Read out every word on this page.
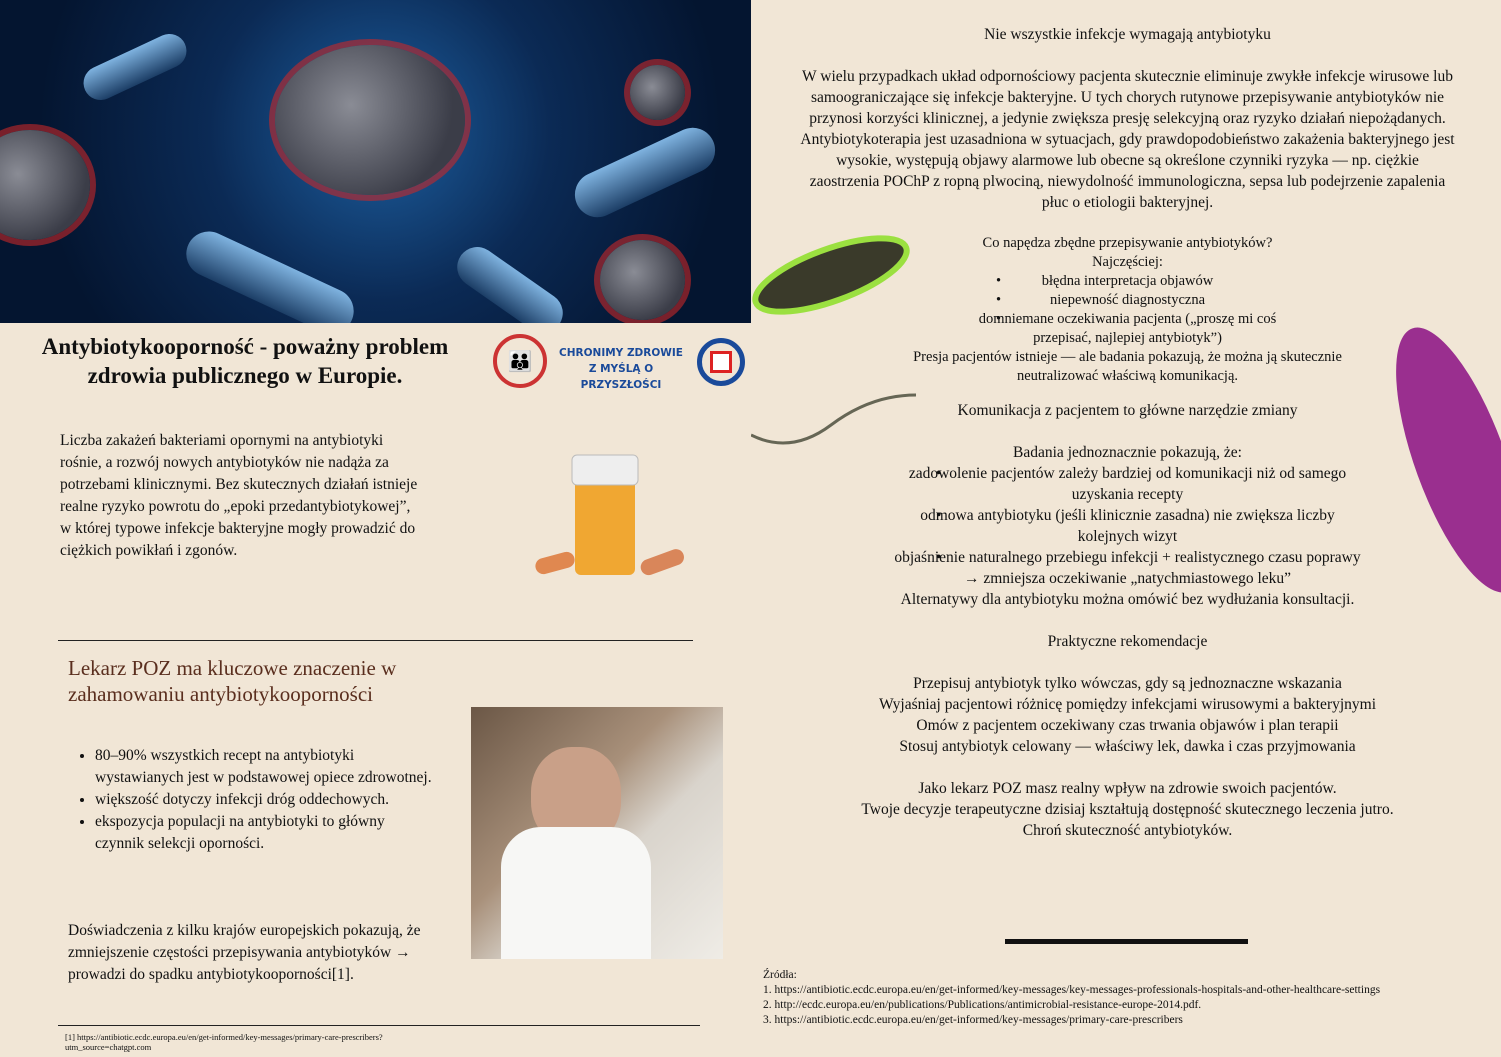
Antybiotykooporność - poważny problem zdrowia publicznego w Europie.
👪	CHRONIMY ZDROWIE
Z MYŚLĄ O PRZYSZŁOŚCI
Liczba zakażeń bakteriami opornymi na antybiotyki rośnie, a rozwój nowych antybiotyków nie nadąża za potrzebami klinicznymi. Bez skutecznych działań istnieje realne ryzyko powrotu do „epoki przedantybiotykowej”, w której typowe infekcje bakteryjne mogły prowadzić do ciężkich powikłań i zgonów.
Lekarz POZ ma kluczowe znaczenie w zahamowaniu antybiotykooporności
• 80–90% wszystkich recept na antybiotyki wystawianych jest w podstawowej opiece zdrowotnej.
• większość dotyczy infekcji dróg oddechowych.
• ekspozycja populacji na antybiotyki to główny czynnik selekcji oporności.
Doświadczenia z kilku krajów europejskich pokazują, że zmniejszenie częstości przepisywania antybiotyków → prowadzi do spadku antybiotykooporności[1].
[1] https://antibiotic.ecdc.europa.eu/en/get-informed/key-messages/primary-care-prescribers?utm_source=chatgpt.com
Nie wszystkie infekcje wymagają antybiotyku

W wielu przypadkach układ odpornościowy pacjenta skutecznie eliminuje zwykłe infekcje wirusowe lub samoograniczające się infekcje bakteryjne. U tych chorych rutynowe przepisywanie antybiotyków nie przynosi korzyści klinicznej, a jedynie zwiększa presję selekcyjną oraz ryzyko działań niepożądanych. Antybiotykoterapia jest uzasadniona w sytuacjach, gdy prawdopodobieństwo zakażenia bakteryjnego jest wysokie, występują objawy alarmowe lub obecne są określone czynniki ryzyka — np. ciężkie zaostrzenia POChP z ropną plwociną, niewydolność immunologiczna, sepsa lub podejrzenie zapalenia płuc o etiologii bakteryjnej.

Co napędza zbędne przepisywanie antybiotyków?

Najczęściej:

• błędna interpretacja objawów
• niepewność diagnostyczna
• domniemane oczekiwania pacjenta („proszę mi coś przepisać, najlepiej antybiotyk”)

Presja pacjentów istnieje — ale badania pokazują, że można ją skutecznie neutralizować właściwą komunikacją.

Komunikacja z pacjentem to główne narzędzie zmiany

Badania jednoznacznie pokazują, że:

• zadowolenie pacjentów zależy bardziej od komunikacji niż od samego uzyskania recepty
• odmowa antybiotyku (jeśli klinicznie zasadna) nie zwiększa liczby kolejnych wizyt
• objaśnienie naturalnego przebiegu infekcji + realistycznego czasu poprawy → zmniejsza oczekiwanie „natychmiastowego leku”

Alternatywy dla antybiotyku można omówić bez wydłużania konsultacji.

Praktyczne rekomendacje

Przepisuj antybiotyk tylko wówczas, gdy są jednoznaczne wskazania

Wyjaśniaj pacjentowi różnicę pomiędzy infekcjami wirusowymi a bakteryjnymi

Omów z pacjentem oczekiwany czas trwania objawów i plan terapii

Stosuj antybiotyk celowany — właściwy lek, dawka i czas przyjmowania

Jako lekarz POZ masz realny wpływ na zdrowie swoich pacjentów.

Twoje decyzje terapeutyczne dzisiaj kształtują dostępność skutecznego leczenia jutro.

Chroń skuteczność antybiotyków.

Źródła:
1. https://antibiotic.ecdc.europa.eu/en/get-informed/key-messages/key-messages-professionals-hospitals-and-other-healthcare-settings
2. http://ecdc.europa.eu/en/publications/Publications/antimicrobial-resistance-europe-2014.pdf.
3. https://antibiotic.ecdc.europa.eu/en/get-informed/key-messages/primary-care-prescribers
